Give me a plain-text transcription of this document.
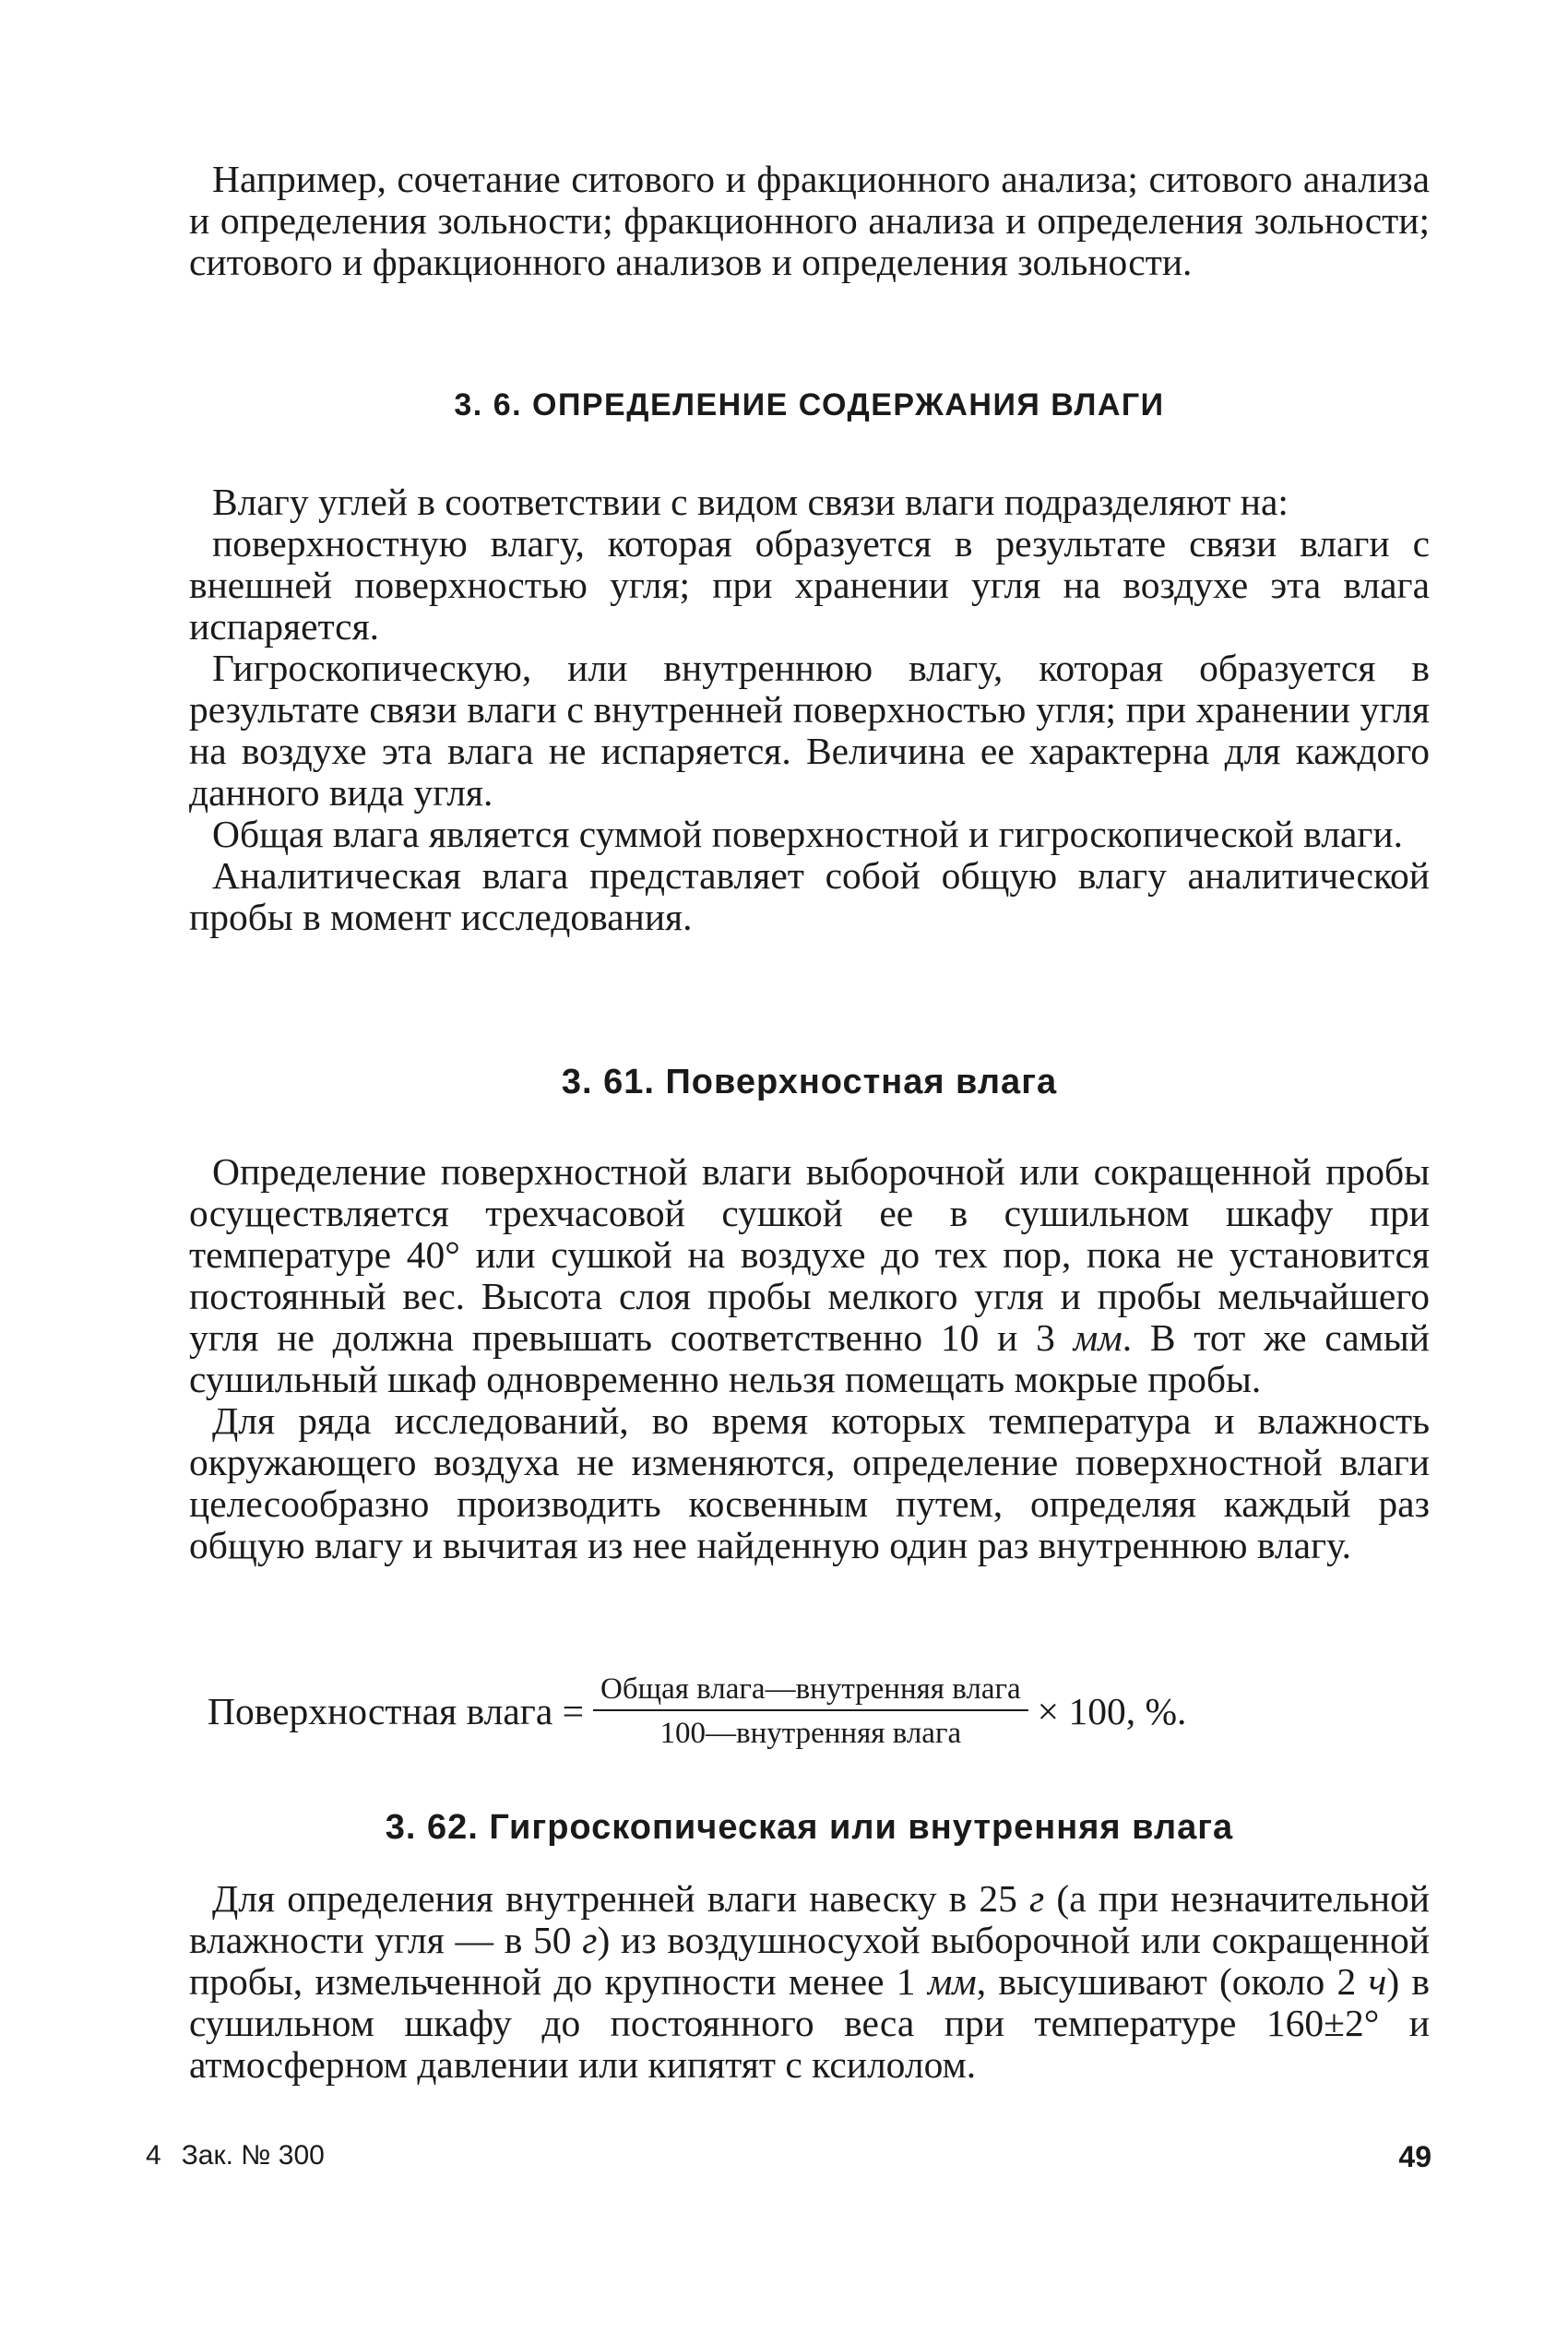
Например, сочетание ситового и фракционного анализа; ситового анализа и определения зольности; фракционного анализа и определения зольности; ситового и фракционного анализов и определения зольности.

3. 6. ОПРЕДЕЛЕНИЕ СОДЕРЖАНИЯ ВЛАГИ

Влагу углей в соответствии с видом связи влаги подразделяют на:

поверхностную влагу, которая образуется в результате связи влаги с внешней поверхностью угля; при хранении угля на воздухе эта влага испаряется.

Гигроскопическую, или внутреннюю влагу, которая образуется в результате связи влаги с внутренней поверхностью угля; при хранении угля на воздухе эта влага не испаряется. Величина ее характерна для каждого данного вида угля.

Общая влага является суммой поверхностной и гигроскопической влаги.

Аналитическая влага представляет собой общую влагу аналитической пробы в момент исследования.

3. 61. Поверхностная влага

Определение поверхностной влаги выборочной или сокращенной пробы осуществляется трехчасовой сушкой ее в сушильном шкафу при температуре 40° или сушкой на воздухе до тех пор, пока не установится постоянный вес. Высота слоя пробы мелкого угля и пробы мельчайшего угля не должна превышать соответственно 10 и 3 мм. В тот же самый сушильный шкаф одновременно нельзя помещать мокрые пробы.

Для ряда исследований, во время которых температура и влажность окружающего воздуха не изменяются, определение поверхностной влаги целесообразно производить косвенным путем, определяя каждый раз общую влагу и вычитая из нее найденную один раз внутреннюю влагу.

Поверхностная влага = $\frac{\text{Общая влага—внутренняя влага}}{\text{100—внутренняя влага}} \times 100$, %.
3. 62. Гигроскопическая или внутренняя влага

Для определения внутренней влаги навеску в 25 г (а при незначительной влажности угля — в 50 г) из воздушносухой выборочной или сокращенной пробы, измельченной до крупности менее 1 мм, высушивают (около 2 ч) в сушильном шкафу до постоянного веса при температуре 160±2° и атмосферном давлении или кипятят с ксилолом.

4 Зак. № 300	49
